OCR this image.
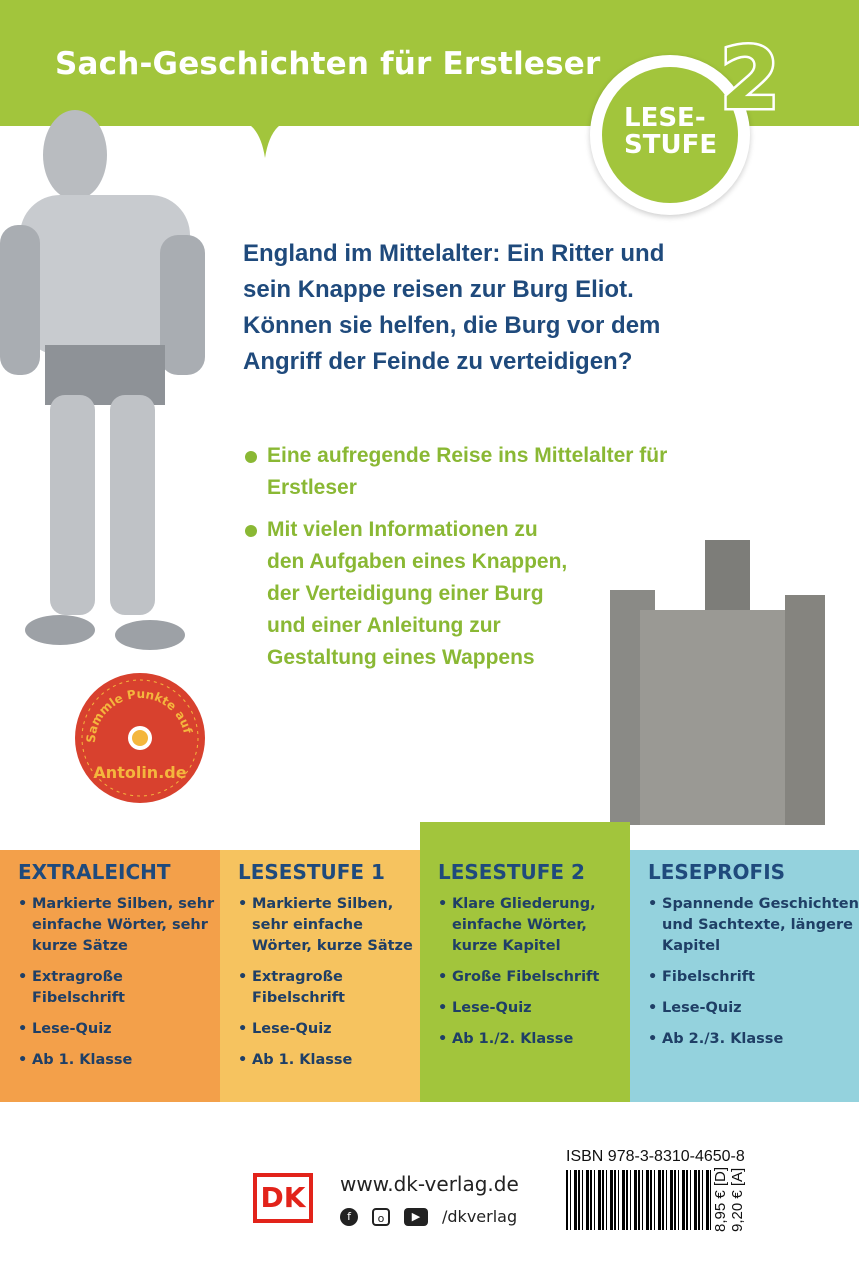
Sach-Geschichten für Erstleser
LESE-
STUFE
2
England im Mittelalter: Ein Ritter und sein Knappe reisen zur Burg Eliot. Können sie helfen, die Burg vor dem Angriff der Feinde zu verteidigen?
Eine aufregende Reise ins Mittelalter für Erstleser
Mit vielen Informationen zu den Aufgaben eines Knappen, der Verteidigung einer Burg und einer Anleitung zur Gestaltung eines Wappens
Sammle Punkte auf
Antolin.de
EXTRALEICHT
• Markierte Silben, sehr einfache Wörter, sehr kurze Sätze
• Extragroße Fibelschrift
• Lese-Quiz
• Ab 1. Klasse
LESESTUFE 1
• Markierte Silben, sehr einfache Wörter, kurze Sätze
• Extragroße Fibelschrift
• Lese-Quiz
• Ab 1. Klasse
LESESTUFE 2
• Klare Gliederung, einfache Wörter, kurze Kapitel
• Große Fibelschrift
• Lese-Quiz
• Ab 1./2. Klasse
LESEPROFIS
• Spannende Geschichten und Sachtexte, längere Kapitel
• Fibelschrift
• Lese-Quiz
• Ab 2./3. Klasse
DK	www.dk-verlag.de
f	o	▶	/dkverlag
ISBN 978-3-8310-4650-8
8,95 € [D]
9,20 € [A]
